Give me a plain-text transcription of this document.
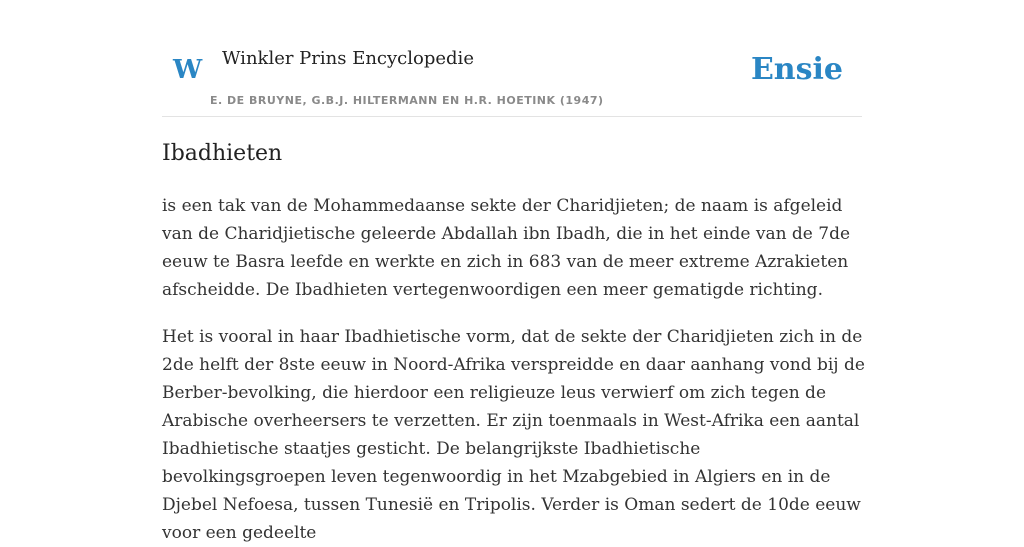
W Winkler Prins Encyclopedie
E. DE BRUYNE, G.B.J. HILTERMANN EN H.R. HOETINK (1947)
Ensie
Ibadhieten

is een tak van de Mohammedaanse sekte der Charidjieten; de naam is afgeleid van de Charidjietische geleerde Abdallah ibn Ibadh, die in het einde van de 7de eeuw te Basra leefde en werkte en zich in 683 van de meer extreme Azrakieten afscheidde. De Ibadhieten vertegenwoordigen een meer gematigde richting.

Het is vooral in haar Ibadhietische vorm, dat de sekte der Charidjieten zich in de 2de helft der 8ste eeuw in Noord-Afrika verspreidde en daar aanhang vond bij de Berber-bevolking, die hierdoor een religieuze leus verwierf om zich tegen de Arabische overheersers te verzetten. Er zijn toenmaals in West-Afrika een aantal Ibadhietische staatjes gesticht. De belangrijkste Ibadhietische bevolkingsgroepen leven tegenwoordig in het Mzabgebied in Algiers en in de Djebel Nefoesa, tussen Tunesië en Tripolis. Verder is Oman sedert de 10de eeuw voor een gedeelte
